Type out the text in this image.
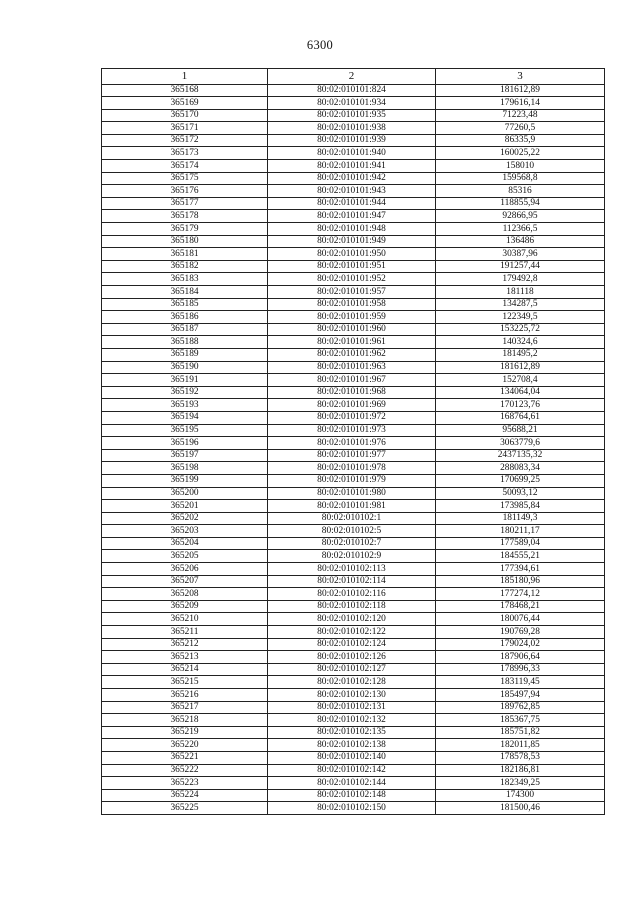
6300
1	2	3
365168	80:02:010101:824	181612,89
365169	80:02:010101:934	179616,14
365170	80:02:010101:935	71223,48
365171	80:02:010101:938	77260,5
365172	80:02:010101:939	86335,9
365173	80:02:010101:940	160025,22
365174	80:02:010101:941	158010
365175	80:02:010101:942	159568,8
365176	80:02:010101:943	85316
365177	80:02:010101:944	118855,94
365178	80:02:010101:947	92866,95
365179	80:02:010101:948	112366,5
365180	80:02:010101:949	136486
365181	80:02:010101:950	30387,96
365182	80:02:010101:951	191257,44
365183	80:02:010101:952	179492,8
365184	80:02:010101:957	181118
365185	80:02:010101:958	134287,5
365186	80:02:010101:959	122349,5
365187	80:02:010101:960	153225,72
365188	80:02:010101:961	140324,6
365189	80:02:010101:962	181495,2
365190	80:02:010101:963	181612,89
365191	80:02:010101:967	152708,4
365192	80:02:010101:968	134064,04
365193	80:02:010101:969	170123,76
365194	80:02:010101:972	168764,61
365195	80:02:010101:973	95688,21
365196	80:02:010101:976	3063779,6
365197	80:02:010101:977	2437135,32
365198	80:02:010101:978	288083,34
365199	80:02:010101:979	170699,25
365200	80:02:010101:980	50093,12
365201	80:02:010101:981	173985,84
365202	80:02:010102:1	181149,3
365203	80:02:010102:5	180211,17
365204	80:02:010102:7	177589,04
365205	80:02:010102:9	184555,21
365206	80:02:010102:113	177394,61
365207	80:02:010102:114	185180,96
365208	80:02:010102:116	177274,12
365209	80:02:010102:118	178468,21
365210	80:02:010102:120	180076,44
365211	80:02:010102:122	190769,28
365212	80:02:010102:124	179024,02
365213	80:02:010102:126	187906,64
365214	80:02:010102:127	178996,33
365215	80:02:010102:128	183119,45
365216	80:02:010102:130	185497,94
365217	80:02:010102:131	189762,85
365218	80:02:010102:132	185367,75
365219	80:02:010102:135	185751,82
365220	80:02:010102:138	182011,85
365221	80:02:010102:140	178578,53
365222	80:02:010102:142	182186,81
365223	80:02:010102:144	182349,25
365224	80:02:010102:148	174300
365225	80:02:010102:150	181500,46
